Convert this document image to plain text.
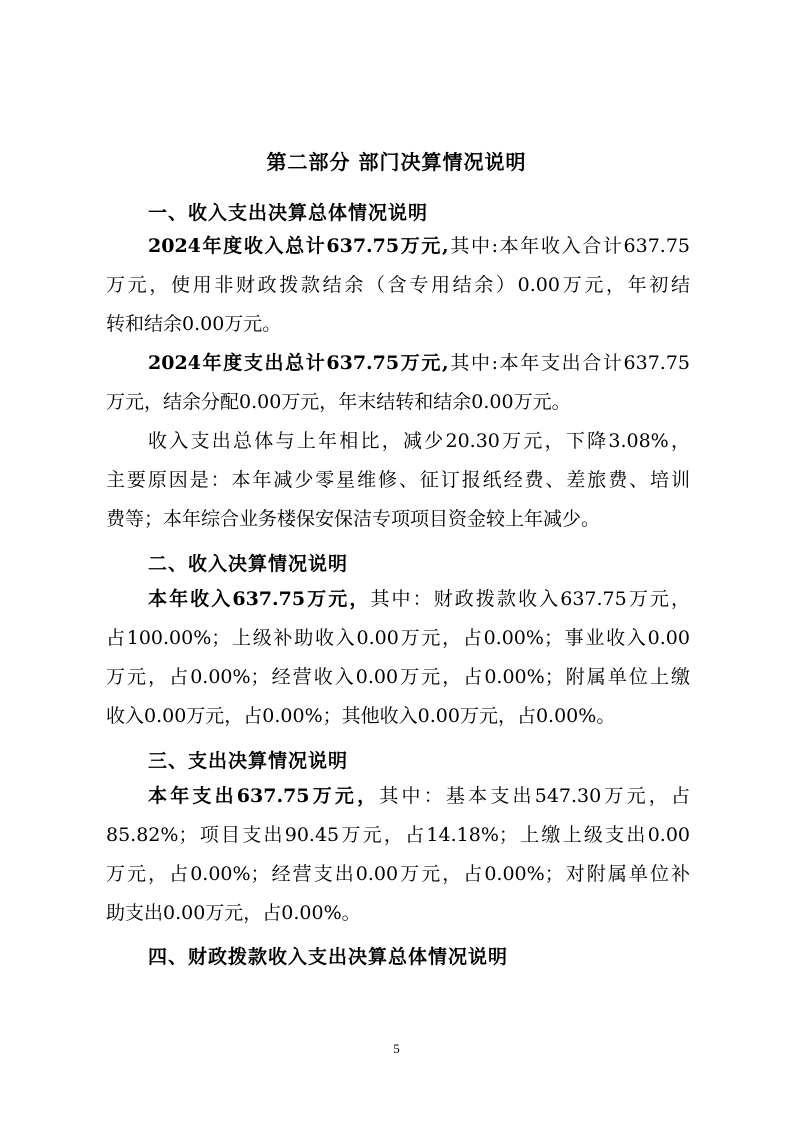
第二部分 部门决算情况说明
一、收入支出决算总体情况说明
2024年度收入总计637.75万元,其中:本年收入合计637.75
万元，使用非财政拨款结余（含专用结余）0.00万元，年初结
转和结余0.00万元。
2024年度支出总计637.75万元,其中:本年支出合计637.75
万元，结余分配0.00万元，年末结转和结余0.00万元。
收入支出总体与上年相比，减少20.30万元，下降3.08%，
主要原因是：本年减少零星维修、征订报纸经费、差旅费、培训
费等；本年综合业务楼保安保洁专项项目资金较上年减少。
二、收入决算情况说明
本年收入637.75万元，其中：财政拨款收入637.75万元，
占100.00%；上级补助收入0.00万元，占0.00%；事业收入0.00
万元，占0.00%；经营收入0.00万元，占0.00%；附属单位上缴
收入0.00万元，占0.00%；其他收入0.00万元，占0.00%。
三、支出决算情况说明
本年支出637.75万元，其中：基本支出547.30万元，占
85.82%；项目支出90.45万元，占14.18%；上缴上级支出0.00
万元，占0.00%；经营支出0.00万元，占0.00%；对附属单位补
助支出0.00万元，占0.00%。
四、财政拨款收入支出决算总体情况说明
5
